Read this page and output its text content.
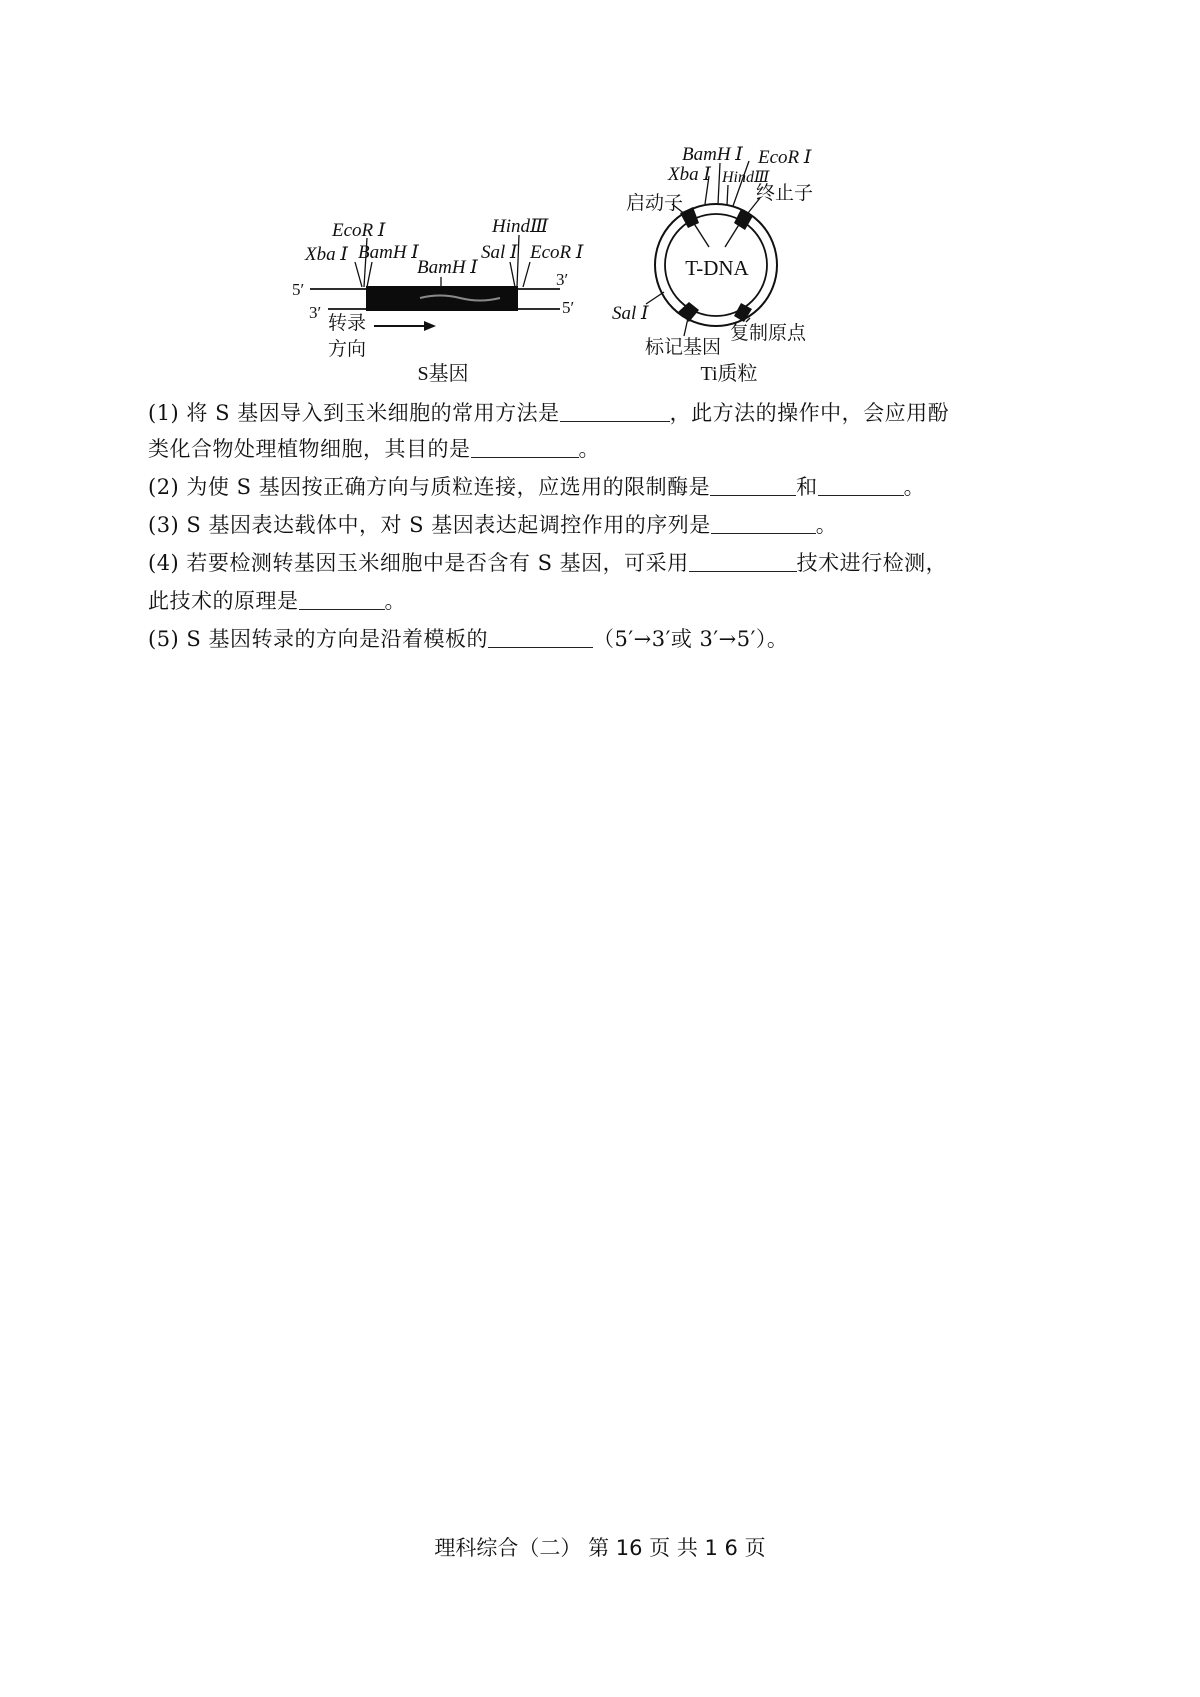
EcoR Ⅰ
Xba Ⅰ BamH Ⅰ
BamH Ⅰ
HindⅢ
Sal Ⅰ EcoR Ⅰ
5′
3′
3′	5′
转录
方向
S基因
T-DNA
BamH Ⅰ EcoR Ⅰ
Xba Ⅰ HindⅢ
启动子	终止子
Sal Ⅰ
复制原点
标记基因
Ti质粒
(1) 将 S 基因导入到玉米细胞的常用方法是	，此方法的操作中，会应用酚
类化合物处理植物细胞，其目的是	。
(2) 为使 S 基因按正确方向与质粒连接，应选用的限制酶是	和	。
(3) S 基因表达载体中，对 S 基因表达起调控作用的序列是	。
(4) 若要检测转基因玉米细胞中是否含有 S 基因，可采用	技术进行检测，
此技术的原理是	。
(5) S 基因转录的方向是沿着模板的	（5′→3′或 3′→5′）。
理科综合（二） 第 16 页 共 1 6 页
